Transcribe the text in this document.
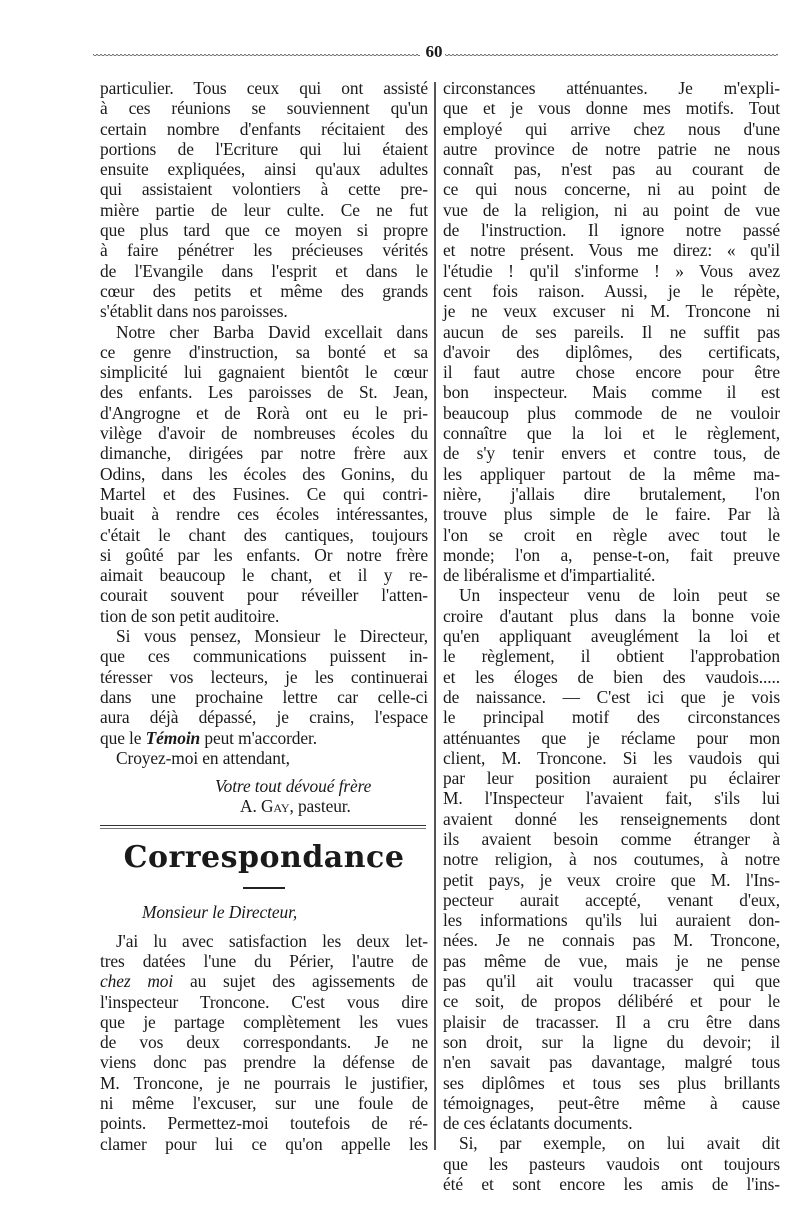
60
particulier. Tous ceux qui ont assisté
à ces réunions se souviennent qu'un
certain nombre d'enfants récitaient des
portions de l'Ecriture qui lui étaient
ensuite expliquées, ainsi qu'aux adultes
qui assistaient volontiers à cette pre-
mière partie de leur culte. Ce ne fut
que plus tard que ce moyen si propre
à faire pénétrer les précieuses vérités
de l'Evangile dans l'esprit et dans le
cœur des petits et même des grands
s'établit dans nos paroisses.
Notre cher Barba David excellait dans
ce genre d'instruction, sa bonté et sa
simplicité lui gagnaient bientôt le cœur
des enfants. Les paroisses de St. Jean,
d'Angrogne et de Rorà ont eu le pri-
vilège d'avoir de nombreuses écoles du
dimanche, dirigées par notre frère aux
Odins, dans les écoles des Gonins, du
Martel et des Fusines. Ce qui contri-
buait à rendre ces écoles intéressantes,
c'était le chant des cantiques, toujours
si goûté par les enfants. Or notre frère
aimait beaucoup le chant, et il y re-
courait souvent pour réveiller l'atten-
tion de son petit auditoire.
Si vous pensez, Monsieur le Directeur,
que ces communications puissent in-
téresser vos lecteurs, je les continuerai
dans une prochaine lettre car celle-ci
aura déjà dépassé, je crains, l'espace
que le Témoin peut m'accorder.
Croyez-moi en attendant,
Votre tout dévoué frère
A. Gay, pasteur.
Correspondance
Monsieur le Directeur,
J'ai lu avec satisfaction les deux let-
tres datées l'une du Périer, l'autre de
chez moi au sujet des agissements de
l'inspecteur Troncone. C'est vous dire
que je partage complètement les vues
de vos deux correspondants. Je ne
viens donc pas prendre la défense de
M. Troncone, je ne pourrais le justifier,
ni même l'excuser, sur une foule de
points. Permettez-moi toutefois de ré-
clamer pour lui ce qu'on appelle les
circonstances atténuantes. Je m'expli-
que et je vous donne mes motifs. Tout
employé qui arrive chez nous d'une
autre province de notre patrie ne nous
connaît pas, n'est pas au courant de
ce qui nous concerne, ni au point de
vue de la religion, ni au point de vue
de l'instruction. Il ignore notre passé
et notre présent. Vous me direz: « qu'il
l'étudie ! qu'il s'informe ! » Vous avez
cent fois raison. Aussi, je le répète,
je ne veux excuser ni M. Troncone ni
aucun de ses pareils. Il ne suffit pas
d'avoir des diplômes, des certificats,
il faut autre chose encore pour être
bon inspecteur. Mais comme il est
beaucoup plus commode de ne vouloir
connaître que la loi et le règlement,
de s'y tenir envers et contre tous, de
les appliquer partout de la même ma-
nière, j'allais dire brutalement, l'on
trouve plus simple de le faire. Par là
l'on se croit en règle avec tout le
monde; l'on a, pense-t-on, fait preuve
de libéralisme et d'impartialité.
Un inspecteur venu de loin peut se
croire d'autant plus dans la bonne voie
qu'en appliquant aveuglément la loi et
le règlement, il obtient l'approbation
et les éloges de bien des vaudois.....
de naissance. — C'est ici que je vois
le principal motif des circonstances
atténuantes que je réclame pour mon
client, M. Troncone. Si les vaudois qui
par leur position auraient pu éclairer
M. l'Inspecteur l'avaient fait, s'ils lui
avaient donné les renseignements dont
ils avaient besoin comme étranger à
notre religion, à nos coutumes, à notre
petit pays, je veux croire que M. l'Ins-
pecteur aurait accepté, venant d'eux,
les informations qu'ils lui auraient don-
nées. Je ne connais pas M. Troncone,
pas même de vue, mais je ne pense
pas qu'il ait voulu tracasser qui que
ce soit, de propos délibéré et pour le
plaisir de tracasser. Il a cru être dans
son droit, sur la ligne du devoir; il
n'en savait pas davantage, malgré tous
ses diplômes et tous ses plus brillants
témoignages, peut-être même à cause
de ces éclatants documents.
Si, par exemple, on lui avait dit
que les pasteurs vaudois ont toujours
été et sont encore les amis de l'ins-
